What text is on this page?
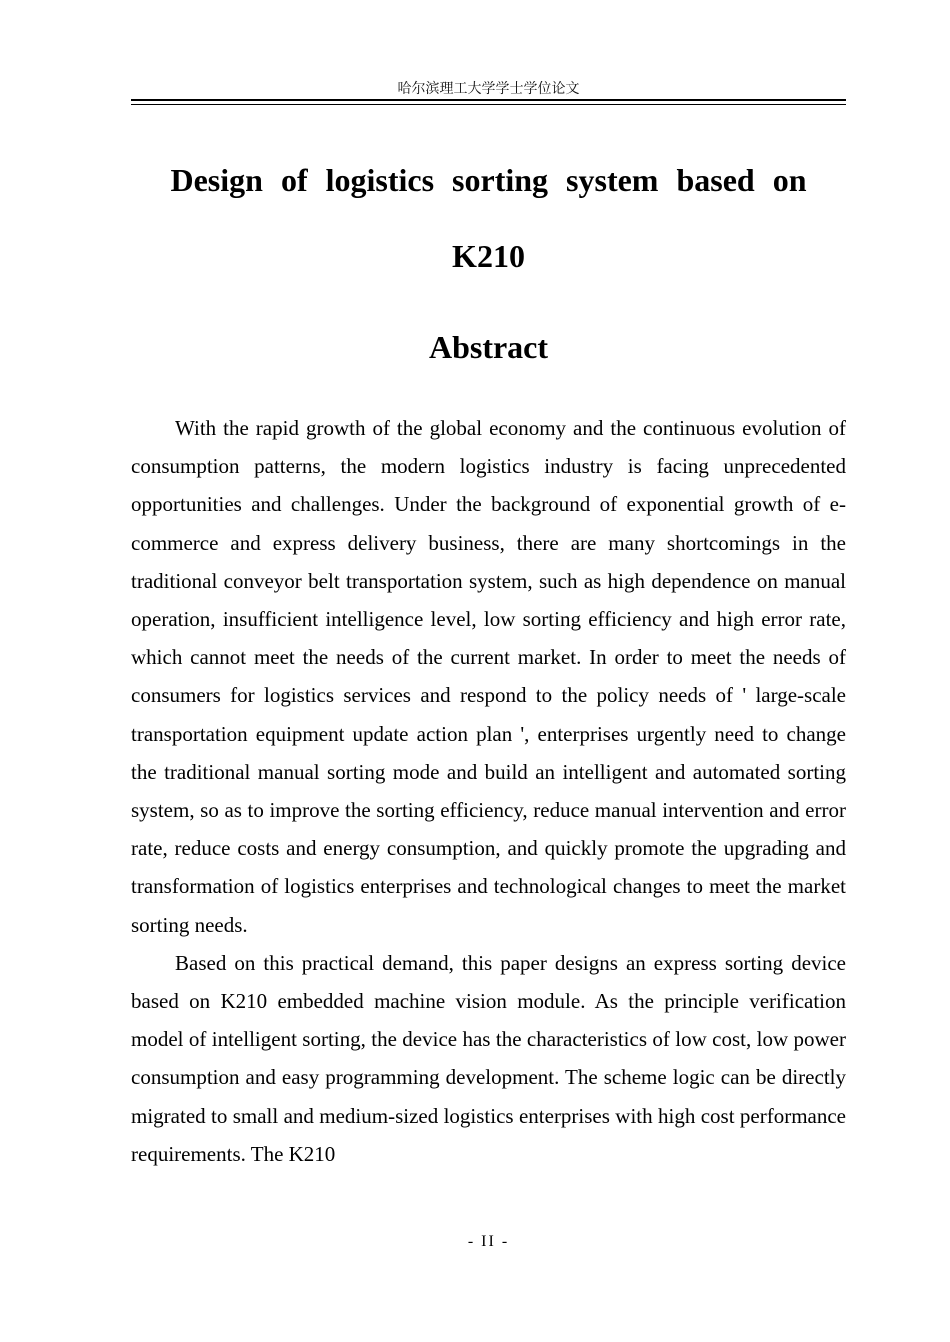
哈尔滨理工大学学士学位论文
Design of logistics sorting system based on K210
Abstract

With the rapid growth of the global economy and the continuous evolution of consumption patterns, the modern logistics industry is facing unprecedented opportunities and challenges. Under the background of exponential growth of e-commerce and express delivery business, there are many shortcomings in the traditional conveyor belt transportation system, such as high dependence on manual operation, insufficient intelligence level, low sorting efficiency and high error rate, which cannot meet the needs of the current market. In order to meet the needs of consumers for logistics services and respond to the policy needs of ' large-scale transportation equipment update action plan ', enterprises urgently need to change the traditional manual sorting mode and build an intelligent and automated sorting system, so as to improve the sorting efficiency, reduce manual intervention and error rate, reduce costs and energy consumption, and quickly promote the upgrading and transformation of logistics enterprises and technological changes to meet the market sorting needs.

Based on this practical demand, this paper designs an express sorting device based on K210 embedded machine vision module. As the principle verification model of intelligent sorting, the device has the characteristics of low cost, low power consumption and easy programming development. The scheme logic can be directly migrated to small and medium-sized logistics enterprises with high cost performance requirements. The K210

- II -
